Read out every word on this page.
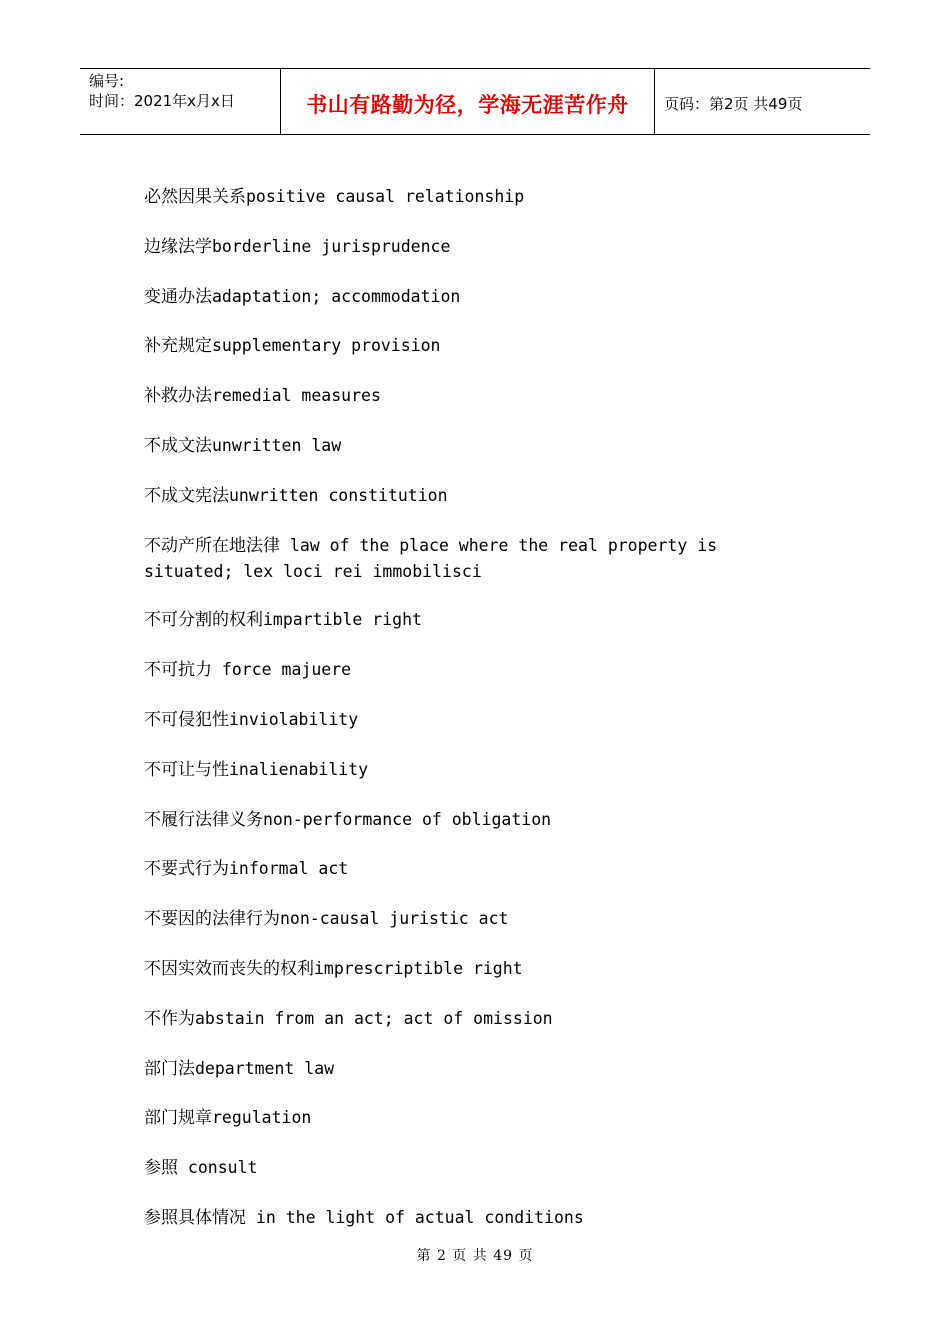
编号:
时间：2021年x月x日	书山有路勤为径，学海无涯苦作舟	页码：第2页 共49页
必然因果关系positive causal relationship
边缘法学borderline jurisprudence
变通办法adaptation; accommodation
补充规定supplementary provision
补救办法remedial measures
不成文法unwritten law
不成文宪法unwritten constitution
不动产所在地法律 law of the place where the real property is situated; lex loci rei immobilisci
不可分割的权利impartible right
不可抗力 force majuere
不可侵犯性inviolability
不可让与性inalienability
不履行法律义务non-performance of obligation
不要式行为informal act
不要因的法律行为non-causal juristic act
不因实效而丧失的权利imprescriptible right
不作为abstain from an act; act of omission
部门法department law
部门规章regulation
参照 consult
参照具体情况 in the light of actual conditions
第 2 页 共 49 页
